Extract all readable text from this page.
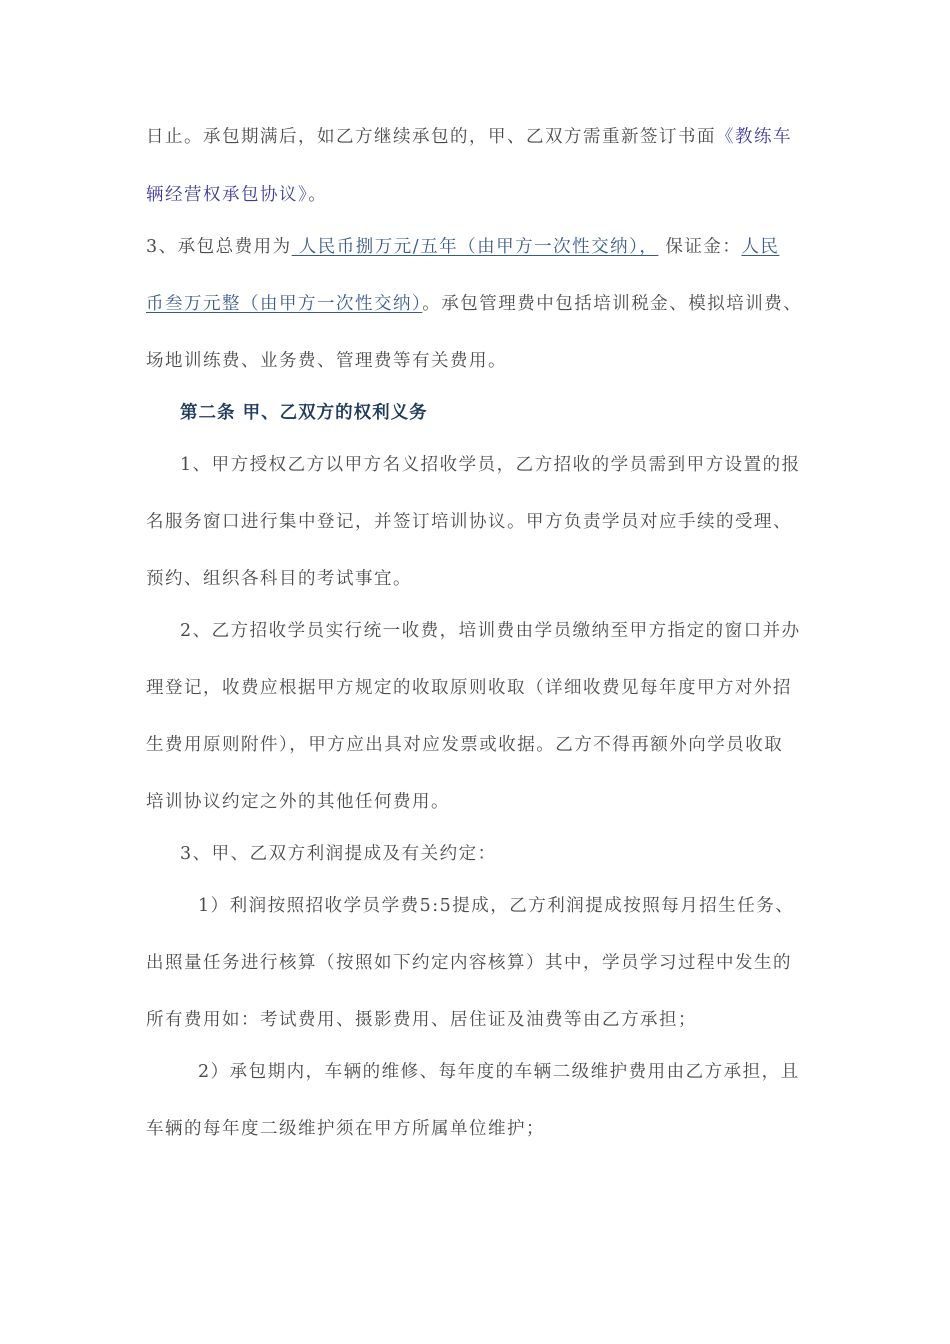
日止。承包期满后，如乙方继续承包的，甲、乙双方需重新签订书面《教练车
辆经营权承包协议》。
3、承包总费用为 人民币捌万元/五年（由甲方一次性交纳）， 保证金：人民
币叁万元整（由甲方一次性交纳）。承包管理费中包括培训税金、模拟培训费、
场地训练费、业务费、管理费等有关费用。
第二条 甲、乙双方的权利义务
1、甲方授权乙方以甲方名义招收学员，乙方招收的学员需到甲方设置的报
名服务窗口进行集中登记，并签订培训协议。甲方负责学员对应手续的受理、
预约、组织各科目的考试事宜。
2、乙方招收学员实行统一收费，培训费由学员缴纳至甲方指定的窗口并办
理登记，收费应根据甲方规定的收取原则收取（详细收费见每年度甲方对外招
生费用原则附件），甲方应出具对应发票或收据。乙方不得再额外向学员收取
培训协议约定之外的其他任何费用。
3、甲、乙双方利润提成及有关约定：
1）利润按照招收学员学费5:5提成，乙方利润提成按照每月招生任务、
出照量任务进行核算（按照如下约定内容核算）其中，学员学习过程中发生的
所有费用如：考试费用、摄影费用、居住证及油费等由乙方承担；
2）承包期内，车辆的维修、每年度的车辆二级维护费用由乙方承担，且
车辆的每年度二级维护须在甲方所属单位维护；
